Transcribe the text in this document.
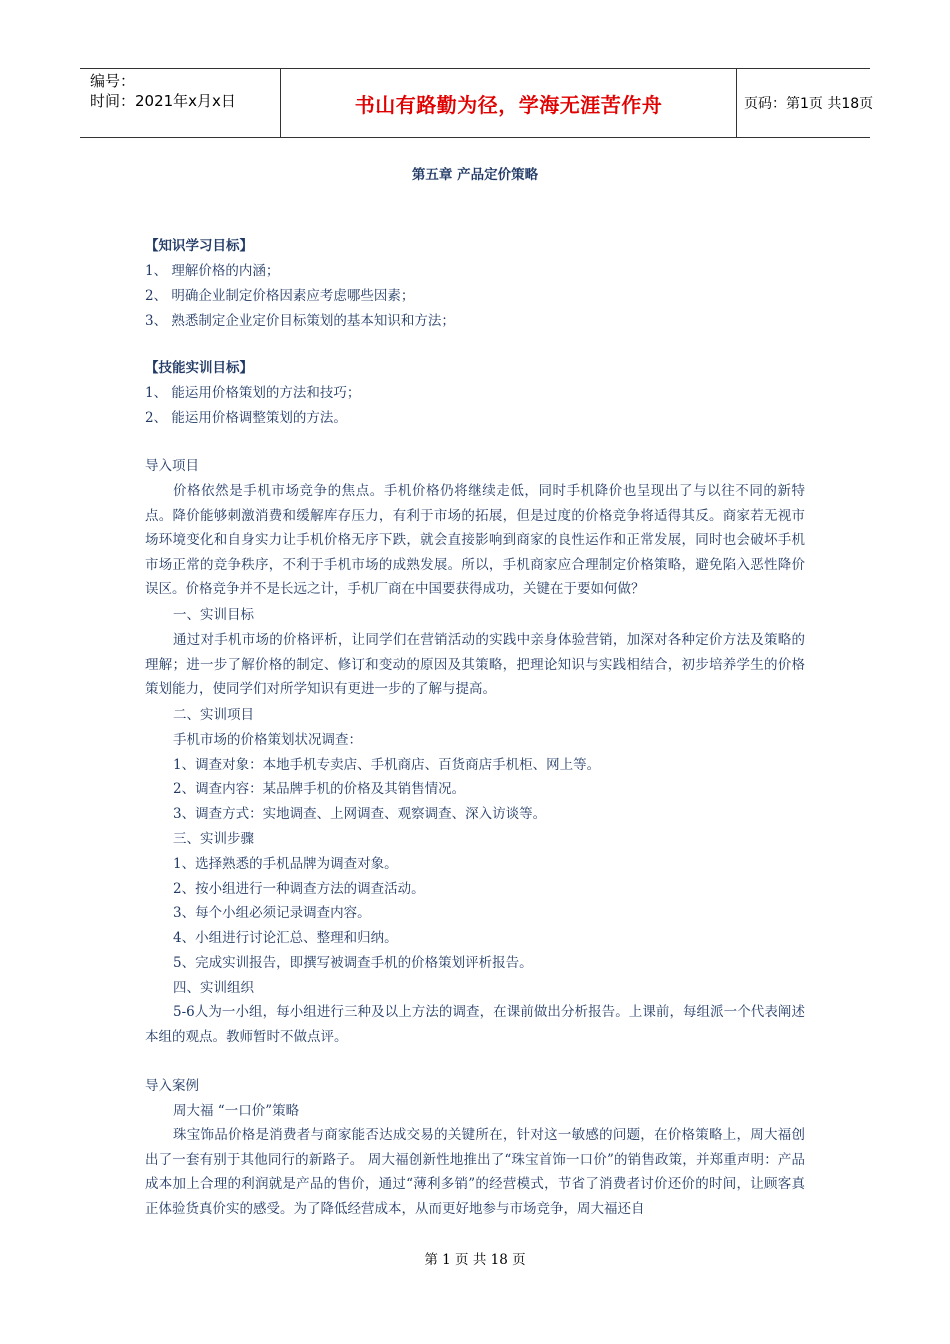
编号：
时间：2021年x月x日	书山有路勤为径，学海无涯苦作舟	页码：第1页 共18页
第五章 产品定价策略
【知识学习目标】
1、 理解价格的内涵；
2、 明确企业制定价格因素应考虑哪些因素；
3、 熟悉制定企业定价目标策划的基本知识和方法；
【技能实训目标】
1、 能运用价格策划的方法和技巧；
2、 能运用价格调整策划的方法。
导入项目
价格依然是手机市场竞争的焦点。手机价格仍将继续走低，同时手机降价也呈现出了与以往不同的新特点。降价能够刺激消费和缓解库存压力，有利于市场的拓展，但是过度的价格竞争将适得其反。商家若无视市场环境变化和自身实力让手机价格无序下跌，就会直接影响到商家的良性运作和正常发展，同时也会破坏手机市场正常的竞争秩序，不利于手机市场的成熟发展。所以，手机商家应合理制定价格策略，避免陷入恶性降价误区。价格竞争并不是长远之计，手机厂商在中国要获得成功，关键在于要如何做？
一、实训目标
通过对手机市场的价格评析，让同学们在营销活动的实践中亲身体验营销，加深对各种定价方法及策略的理解；进一步了解价格的制定、修订和变动的原因及其策略，把理论知识与实践相结合，初步培养学生的价格策划能力，使同学们对所学知识有更进一步的了解与提高。
二、实训项目
手机市场的价格策划状况调查：
1、调查对象：本地手机专卖店、手机商店、百货商店手机柜、网上等。
2、调查内容：某品牌手机的价格及其销售情况。
3、调查方式：实地调查、上网调查、观察调查、深入访谈等。
三、实训步骤
1、选择熟悉的手机品牌为调查对象。
2、按小组进行一种调查方法的调查活动。
3、每个小组必须记录调查内容。
4、小组进行讨论汇总、整理和归纳。
5、完成实训报告，即撰写被调查手机的价格策划评析报告。
四、实训组织
5-6人为一小组，每小组进行三种及以上方法的调查，在课前做出分析报告。上课前，每组派一个代表阐述本组的观点。教师暂时不做点评。
导入案例
周大福 “一口价”策略
珠宝饰品价格是消费者与商家能否达成交易的关键所在，针对这一敏感的问题，在价格策略上，周大福创出了一套有别于其他同行的新路子。 周大福创新性地推出了“珠宝首饰一口价”的销售政策，并郑重声明：产品成本加上合理的利润就是产品的售价，通过“薄利多销”的经营模式，节省了消费者讨价还价的时间，让顾客真正体验货真价实的感受。为了降低经营成本，从而更好地参与市场竞争，周大福还自
第 1 页 共 18 页
